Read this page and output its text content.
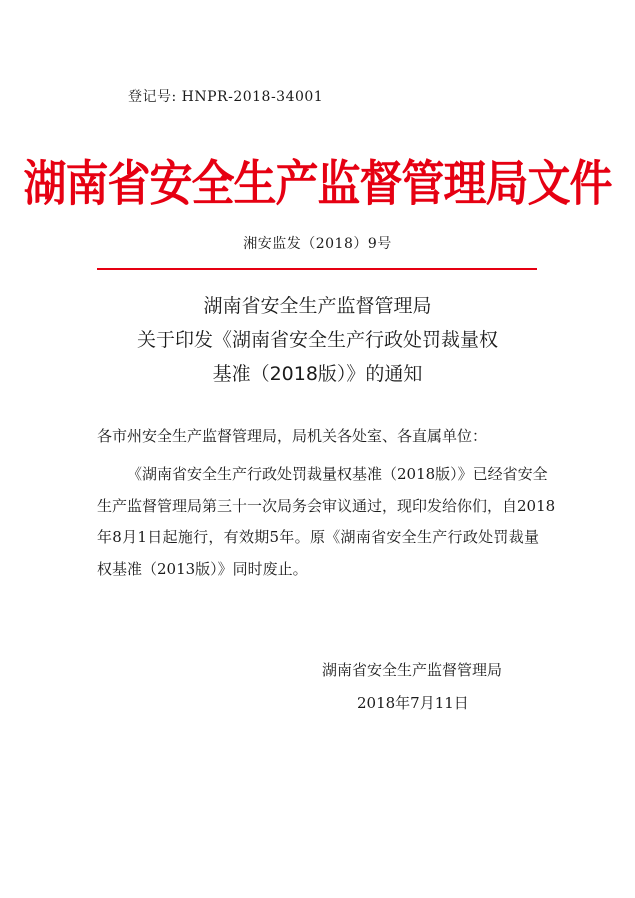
登记号: HNPR-2018-34001
湖南省安全生产监督管理局文件
湘安监发（2018）9号
湖南省安全生产监督管理局
关于印发《湖南省安全生产行政处罚裁量权
基准（2018版）》的通知
各市州安全生产监督管理局，局机关各处室、各直属单位：
《湖南省安全生产行政处罚裁量权基准（2018版）》已经省安全
生产监督管理局第三十一次局务会审议通过，现印发给你们，自2018
年8月1日起施行，有效期5年。原《湖南省安全生产行政处罚裁量
权基准（2013版）》同时废止。
湖南省安全生产监督管理局
2018年7月11日
